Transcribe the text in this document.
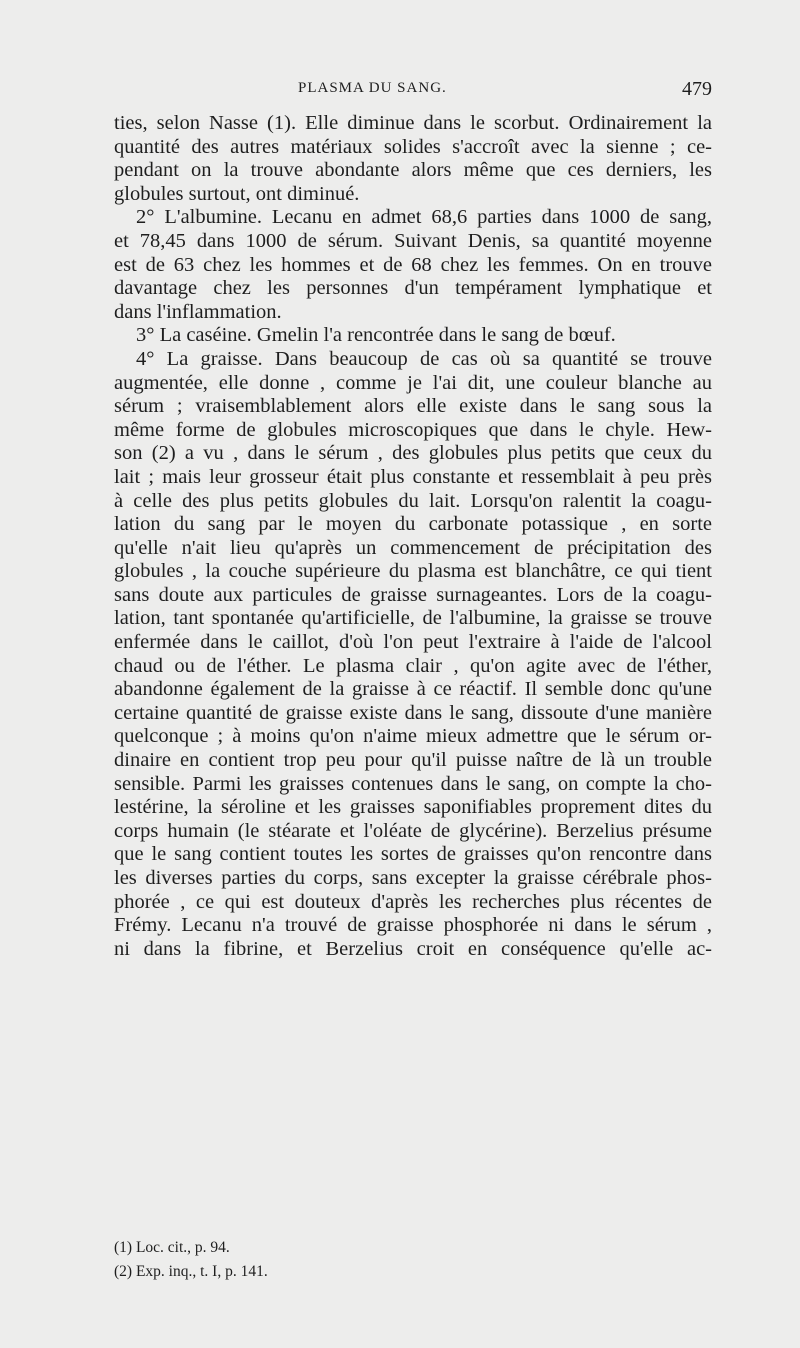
PLASMA DU SANG.	479
ties, selon Nasse (1). Elle diminue dans le scorbut. Ordinairement la
quantité des autres matériaux solides s'accroît avec la sienne ; ce-
pendant on la trouve abondante alors même que ces derniers, les
globules surtout, ont diminué.
2° L'albumine. Lecanu en admet 68,6 parties dans 1000 de sang,
et 78,45 dans 1000 de sérum. Suivant Denis, sa quantité moyenne
est de 63 chez les hommes et de 68 chez les femmes. On en trouve
davantage chez les personnes d'un tempérament lymphatique et
dans l'inflammation.
3° La caséine. Gmelin l'a rencontrée dans le sang de bœuf.
4° La graisse. Dans beaucoup de cas où sa quantité se trouve
augmentée, elle donne , comme je l'ai dit, une couleur blanche au
sérum ; vraisemblablement alors elle existe dans le sang sous la
même forme de globules microscopiques que dans le chyle. Hew-
son (2) a vu , dans le sérum , des globules plus petits que ceux du
lait ; mais leur grosseur était plus constante et ressemblait à peu près
à celle des plus petits globules du lait. Lorsqu'on ralentit la coagu-
lation du sang par le moyen du carbonate potassique , en sorte
qu'elle n'ait lieu qu'après un commencement de précipitation des
globules , la couche supérieure du plasma est blanchâtre, ce qui tient
sans doute aux particules de graisse surnageantes. Lors de la coagu-
lation, tant spontanée qu'artificielle, de l'albumine, la graisse se trouve
enfermée dans le caillot, d'où l'on peut l'extraire à l'aide de l'alcool
chaud ou de l'éther. Le plasma clair , qu'on agite avec de l'éther,
abandonne également de la graisse à ce réactif. Il semble donc qu'une
certaine quantité de graisse existe dans le sang, dissoute d'une manière
quelconque ; à moins qu'on n'aime mieux admettre que le sérum or-
dinaire en contient trop peu pour qu'il puisse naître de là un trouble
sensible. Parmi les graisses contenues dans le sang, on compte la cho-
lestérine, la séroline et les graisses saponifiables proprement dites du
corps humain (le stéarate et l'oléate de glycérine). Berzelius présume
que le sang contient toutes les sortes de graisses qu'on rencontre dans
les diverses parties du corps, sans excepter la graisse cérébrale phos-
phorée , ce qui est douteux d'après les recherches plus récentes de
Frémy. Lecanu n'a trouvé de graisse phosphorée ni dans le sérum ,
ni dans la fibrine, et Berzelius croit en conséquence qu'elle ac-
(1) Loc. cit., p. 94.
(2) Exp. inq., t. I, p. 141.
